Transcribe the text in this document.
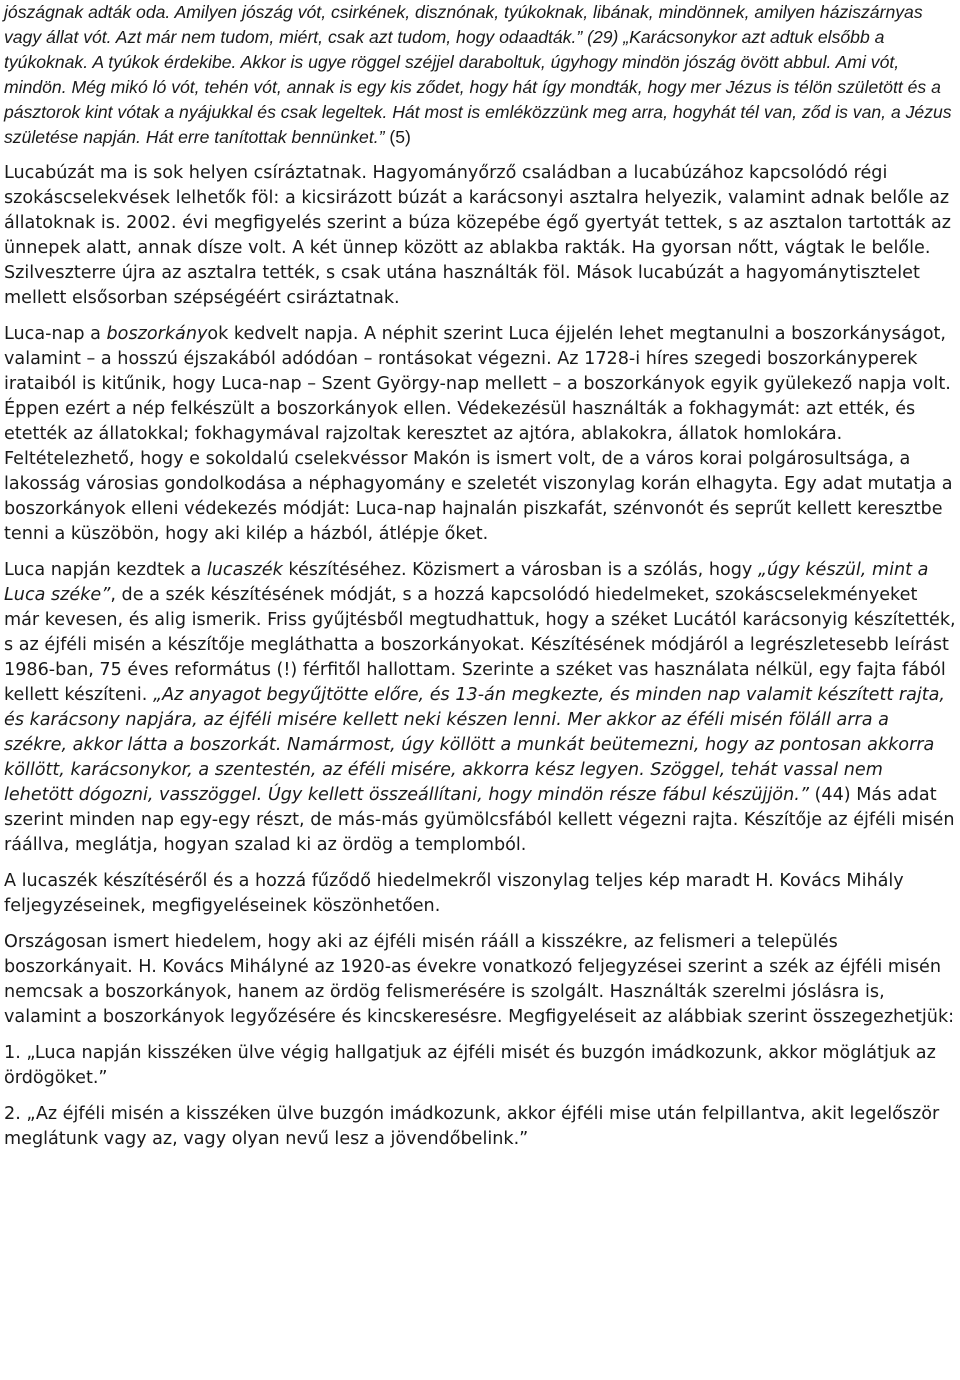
jószágnak adták oda. Amilyen jószág vót, csirkének, disznónak, tyúkoknak, libának, mindönnek, amilyen háziszárnyas vagy állat vót. Azt már nem tudom, miért, csak azt tudom, hogy odaadták.” (29) „Karácsonykor azt adtuk elsőbb a tyúkoknak. A tyúkok érdekibe. Akkor is ugye röggel széjjel daraboltuk, úgyhogy mindön jószág övött abbul. Ami vót, mindön. Még mikó ló vót, tehén vót, annak is egy kis ződet, hogy hát így mondták, hogy mer Jézus is télön születött és a pásztorok kint vótak a nyájukkal és csak legeltek. Hát most is emléközzünk meg arra, hogyhát tél van, ződ is van, a Jézus születése napján. Hát erre tanítottak bennünket.” (5)

Lucabúzát ma is sok helyen csíráztatnak. Hagyományőrző családban a lucabúzához kapcsolódó régi szokáscselekvések lelhetők föl: a kicsirázott búzát a karácsonyi asztalra helyezik, valamint adnak belőle az állatoknak is. 2002. évi megfigyelés szerint a búza közepébe égő gyertyát tettek, s az asztalon tartották az ünnepek alatt, annak dísze volt. A két ünnep között az ablakba rakták. Ha gyorsan nőtt, vágtak le belőle. Szilveszterre újra az asztalra tették, s csak utána használták föl. Mások lucabúzát a hagyománytisztelet mellett elsősorban szépségéért csiráztatnak.

Luca-nap a boszorkányok kedvelt napja. A néphit szerint Luca éjjelén lehet megtanulni a boszorkányságot, valamint – a hosszú éjszakából adódóan – rontásokat végezni. Az 1728-i híres szegedi boszorkányperek irataiból is kitűnik, hogy Luca-nap – Szent György-nap mellett – a boszorkányok egyik gyülekező napja volt. Éppen ezért a nép felkészült a boszorkányok ellen. Védekezésül használták a fokhagymát: azt ették, és etették az állatokkal; fokhagymával rajzoltak keresztet az ajtóra, ablakokra, állatok homlokára. Feltételezhető, hogy e sokoldalú cselekvéssor Makón is ismert volt, de a város korai polgárosultsága, a lakosság városias gondolkodása a néphagyomány e szeletét viszonylag korán elhagyta. Egy adat mutatja a boszorkányok elleni védekezés módját: Luca-nap hajnalán piszkafát, szénvonót és seprűt kellett keresztbe tenni a küszöbön, hogy aki kilép a házból, átlépje őket.

Luca napján kezdtek a lucaszék készítéséhez. Közismert a városban is a szólás, hogy „úgy készül, mint a Luca széke”, de a szék készítésének módját, s a hozzá kapcsolódó hiedelmeket, szokáscselekményeket már kevesen, és alig ismerik. Friss gyűjtésből megtudhattuk, hogy a széket Lucától karácsonyig készítették, s az éjféli misén a készítője megláthatta a boszorkányokat. Készítésének módjáról a legrészletesebb leírást 1986-ban, 75 éves református (!) férfitől hallottam. Szerinte a széket vas használata nélkül, egy fajta fából kellett készíteni. „Az anyagot begyűjtötte előre, és 13-án megkezte, és minden nap valamit készített rajta, és karácsony napjára, az éjféli misére kellett neki készen lenni. Mer akkor az éféli misén föláll arra a székre, akkor látta a boszorkát. Namármost, úgy köllött a munkát beütemezni, hogy az pontosan akkorra köllött, karácsonykor, a szentestén, az éféli misére, akkorra kész legyen. Szöggel, tehát vassal nem lehetött dógozni, vasszöggel. Úgy kellett összeállítani, hogy mindön része fábul készüjjön.” (44) Más adat szerint minden nap egy-egy részt, de más-más gyümölcsfából kellett végezni rajta. Készítője az éjféli misén ráállva, meglátja, hogyan szalad ki az ördög a templomból.

A lucaszék készítéséről és a hozzá fűződő hiedelmekről viszonylag teljes kép maradt H. Kovács Mihály feljegyzéseinek, megfigyeléseinek köszönhetően.

Országosan ismert hiedelem, hogy aki az éjféli misén rááll a kisszékre, az felismeri a település boszorkányait. H. Kovács Mihályné az 1920-as évekre vonatkozó feljegyzései szerint a szék az éjféli misén nemcsak a boszorkányok, hanem az ördög felismerésére is szolgált. Használták szerelmi jóslásra is, valamint a boszorkányok legyőzésére és kincskeresésre. Megfigyeléseit az alábbiak szerint összegezhetjük:

1. „Luca napján kisszéken ülve végig hallgatjuk az éjféli misét és buzgón imádkozunk, akkor möglátjuk az ördögöket.”

2. „Az éjféli misén a kisszéken ülve buzgón imádkozunk, akkor éjféli mise után felpillantva, akit legelőször meglátunk vagy az, vagy olyan nevű lesz a jövendőbelink.”
